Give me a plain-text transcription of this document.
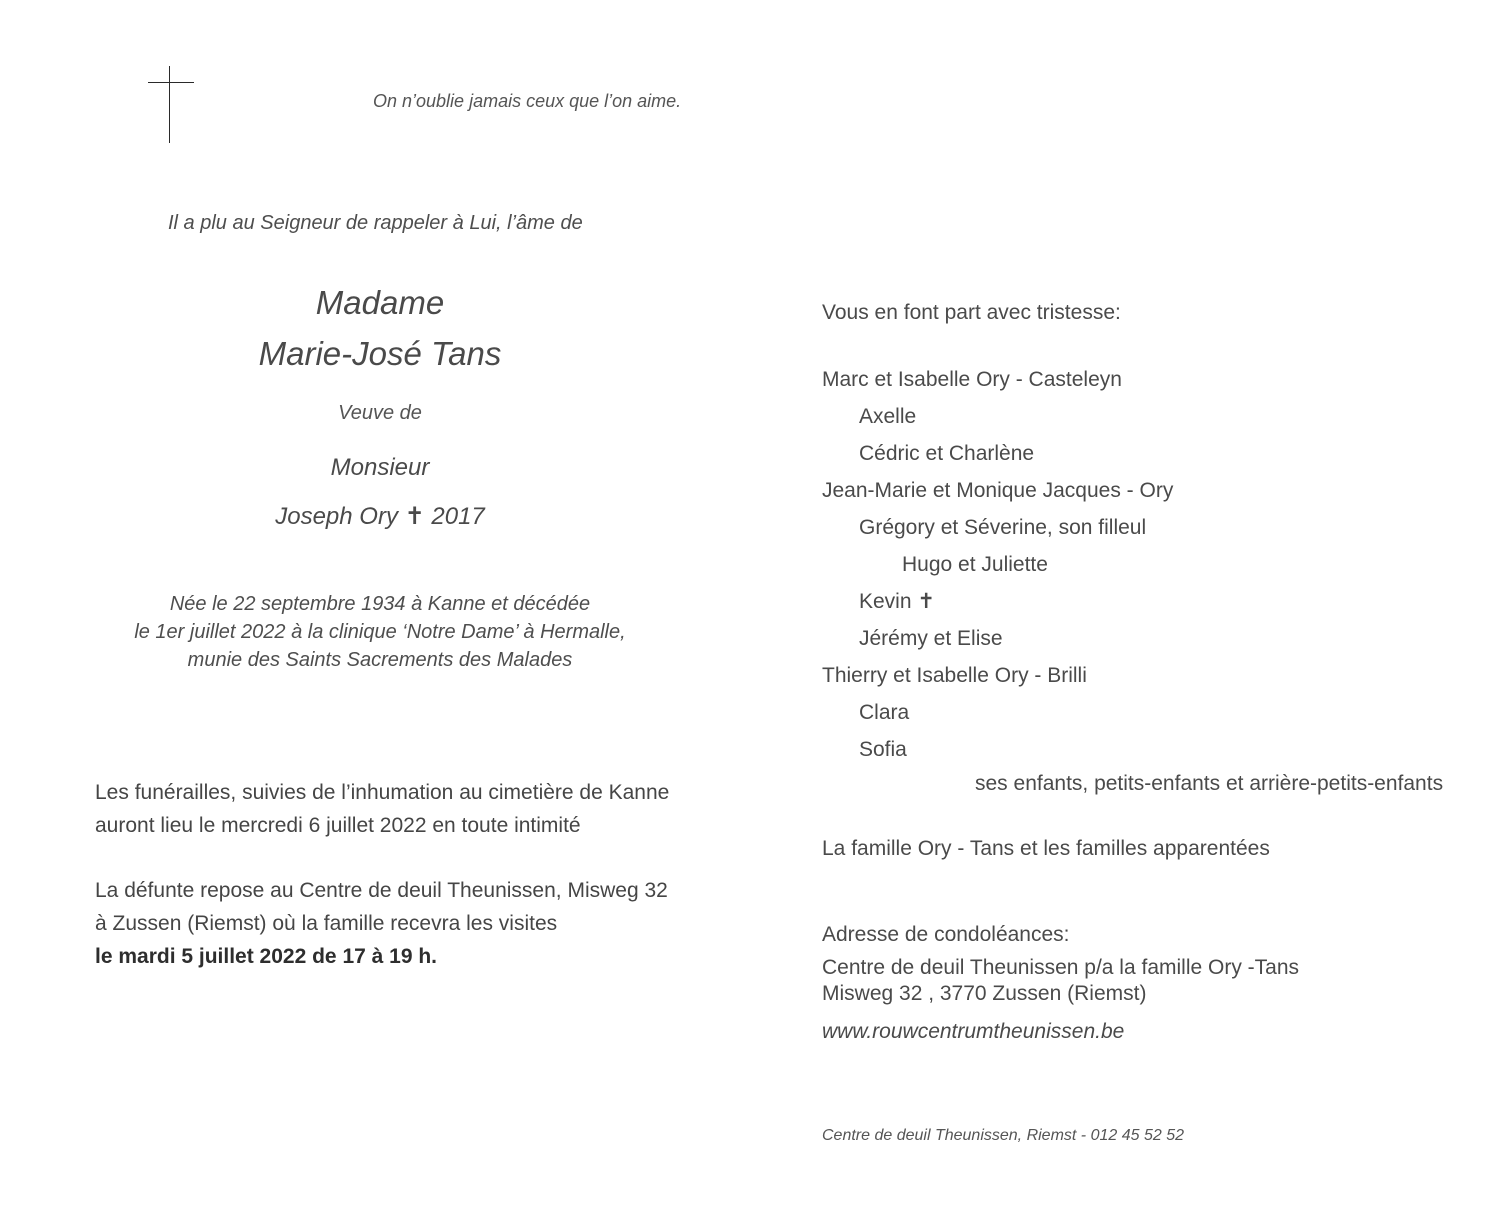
On n’oublie jamais ceux que l’on aime.

Il a plu au Seigneur de rappeler à Lui, l’âme de

Madame
Marie-José Tans
Veuve de
Monsieur
Joseph Ory ✝ 2017
Née le 22 septembre 1934 à Kanne et décédée
le 1er juillet 2022 à la clinique ‘Notre Dame’ à Hermalle,
munie des Saints Sacrements des Malades
Les funérailles, suivies de l’inhumation au cimetière de Kanne
auront lieu le mercredi 6 juillet 2022 en toute intimité
La défunte repose au Centre de deuil Theunissen, Misweg 32
à Zussen (Riemst) où la famille recevra les visites
le mardi 5 juillet 2022 de 17 à 19 h.

Vous en font part avec tristesse:

Marc et Isabelle Ory - Casteleyn
Axelle
Cédric et Charlène
Jean-Marie et Monique Jacques - Ory
Grégory et Séverine, son filleul
Hugo et Juliette
Kevin ✝
Jérémy et Elise
Thierry et Isabelle Ory - Brilli
Clara
Sofia

ses enfants, petits-enfants et arrière-petits-enfants

La famille Ory - Tans et les familles apparentées

Adresse de condoléances:

Centre de deuil Theunissen p/a la famille Ory -Tans
Misweg 32 , 3770 Zussen (Riemst)

www.rouwcentrumtheunissen.be

Centre de deuil Theunissen, Riemst - 012 45 52 52
